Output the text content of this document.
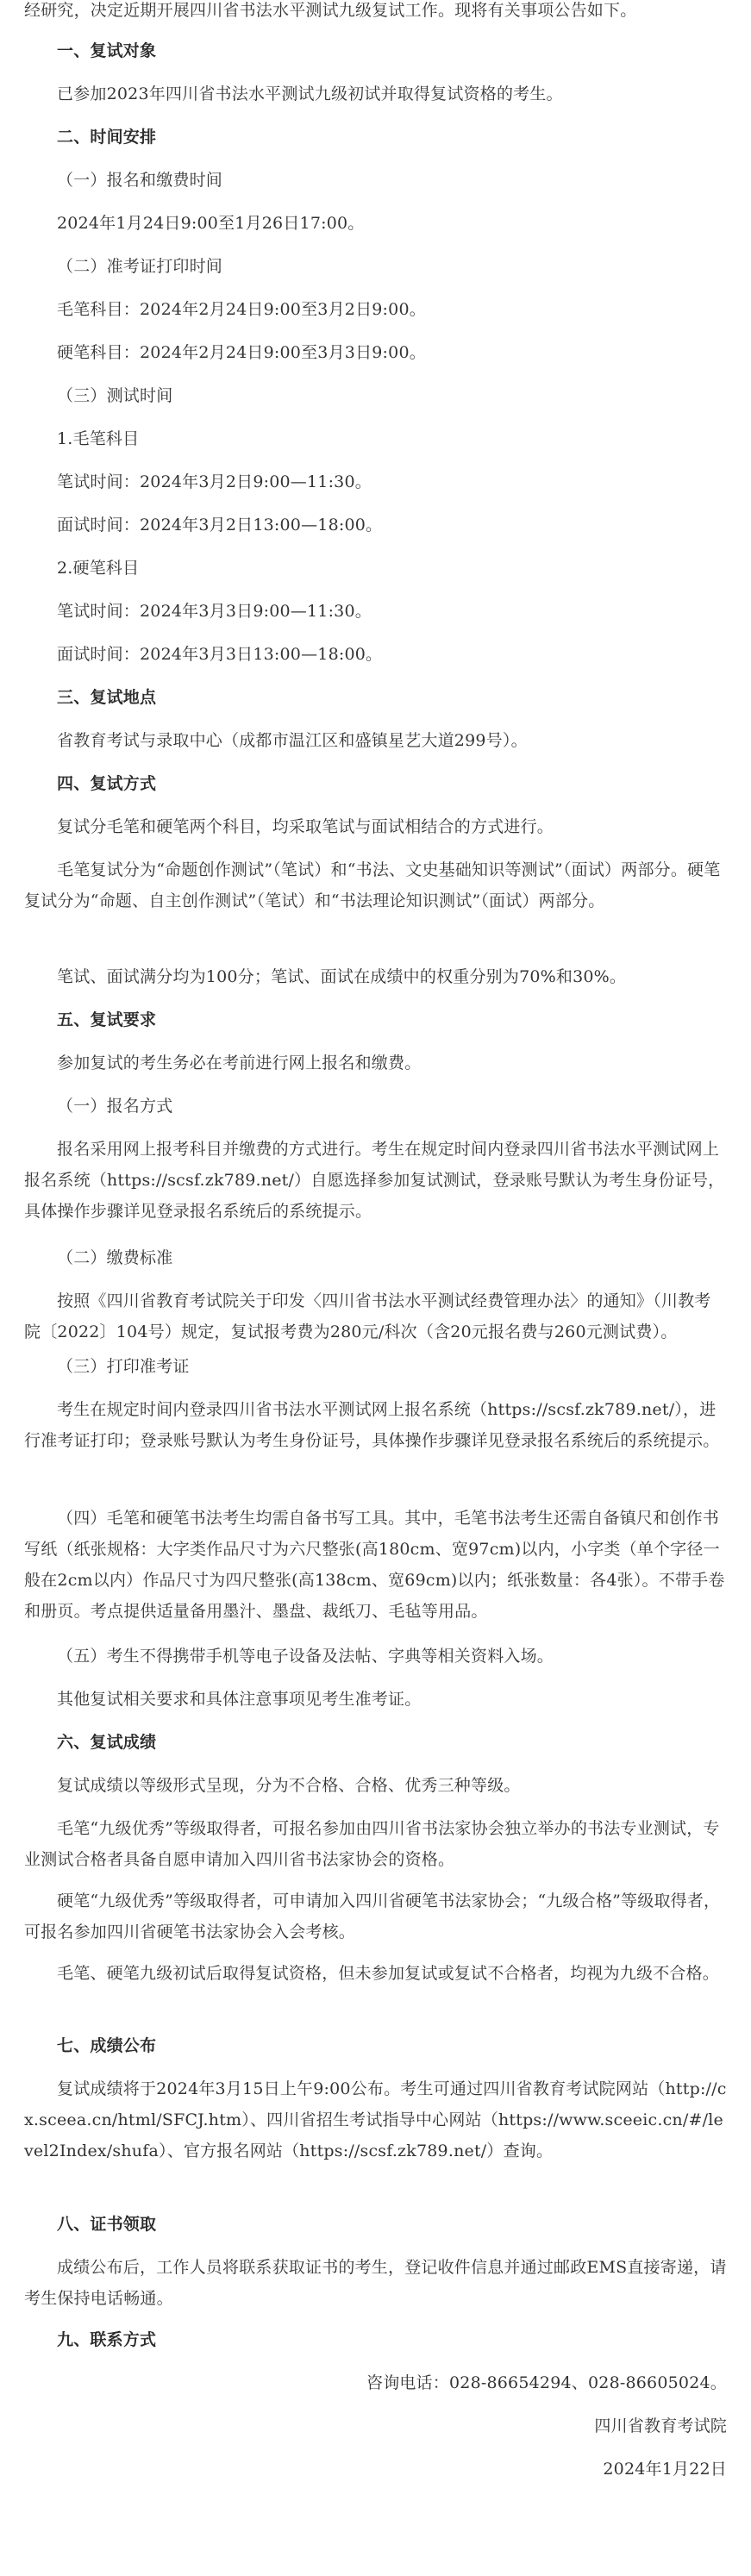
经研究，决定近期开展四川省书法水平测试九级复试工作。现将有关事项公告如下。

一、复试对象

已参加2023年四川省书法水平测试九级初试并取得复试资格的考生。

二、时间安排

（一）报名和缴费时间

2024年1月24日9:00至1月26日17:00。

（二）准考证打印时间

毛笔科目：2024年2月24日9:00至3月2日9:00。

硬笔科目：2024年2月24日9:00至3月3日9:00。

（三）测试时间

1.毛笔科目

笔试时间：2024年3月2日9:00—11:30。

面试时间：2024年3月2日13:00—18:00。

2.硬笔科目

笔试时间：2024年3月3日9:00—11:30。

面试时间：2024年3月3日13:00—18:00。

三、复试地点

省教育考试与录取中心（成都市温江区和盛镇星艺大道299号）。

四、复试方式

复试分毛笔和硬笔两个科目，均采取笔试与面试相结合的方式进行。

毛笔复试分为“命题创作测试”（笔试）和“书法、文史基础知识等测试”（面试）两部分。硬笔复试分为“命题、自主创作测试”（笔试）和“书法理论知识测试”（面试）两部分。

笔试、面试满分均为100分；笔试、面试在成绩中的权重分别为70%和30%。

五、复试要求

参加复试的考生务必在考前进行网上报名和缴费。

（一）报名方式

报名采用网上报考科目并缴费的方式进行。考生在规定时间内登录四川省书法水平测试网上报名系统（https://scsf.zk789.net/）自愿选择参加复试测试，登录账号默认为考生身份证号，具体操作步骤详见登录报名系统后的系统提示。

（二）缴费标准

按照《四川省教育考试院关于印发〈四川省书法水平测试经费管理办法〉的通知》（川教考院〔2022〕104号）规定，复试报考费为280元/科次（含20元报名费与260元测试费）。

（三）打印准考证

考生在规定时间内登录四川省书法水平测试网上报名系统（https://scsf.zk789.net/），进行准考证打印；登录账号默认为考生身份证号，具体操作步骤详见登录报名系统后的系统提示。

（四）毛笔和硬笔书法考生均需自备书写工具。其中，毛笔书法考生还需自备镇尺和创作书写纸（纸张规格：大字类作品尺寸为六尺整张(高180cm、宽97cm)以内，小字类（单个字径一般在2cm以内）作品尺寸为四尺整张(高138cm、宽69cm)以内；纸张数量：各4张）。不带手卷和册页。考点提供适量备用墨汁、墨盘、裁纸刀、毛毡等用品。

（五）考生不得携带手机等电子设备及法帖、字典等相关资料入场。

其他复试相关要求和具体注意事项见考生准考证。

六、复试成绩

复试成绩以等级形式呈现，分为不合格、合格、优秀三种等级。

毛笔“九级优秀”等级取得者，可报名参加由四川省书法家协会独立举办的书法专业测试，专业测试合格者具备自愿申请加入四川省书法家协会的资格。

硬笔“九级优秀”等级取得者，可申请加入四川省硬笔书法家协会；“九级合格”等级取得者，可报名参加四川省硬笔书法家协会入会考核。

毛笔、硬笔九级初试后取得复试资格，但未参加复试或复试不合格者，均视为九级不合格。

七、成绩公布

复试成绩将于2024年3月15日上午9:00公布。考生可通过四川省教育考试院网站（http://cx.sceea.cn/html/SFCJ.htm）、四川省招生考试指导中心网站（https://www.sceeic.cn/#/level2Index/shufa）、官方报名网站（https://scsf.zk789.net/）查询。

八、证书领取

成绩公布后，工作人员将联系获取证书的考生，登记收件信息并通过邮政EMS直接寄递，请考生保持电话畅通。

九、联系方式

咨询电话：028-86654294、028-86605024。

四川省教育考试院

2024年1月22日
